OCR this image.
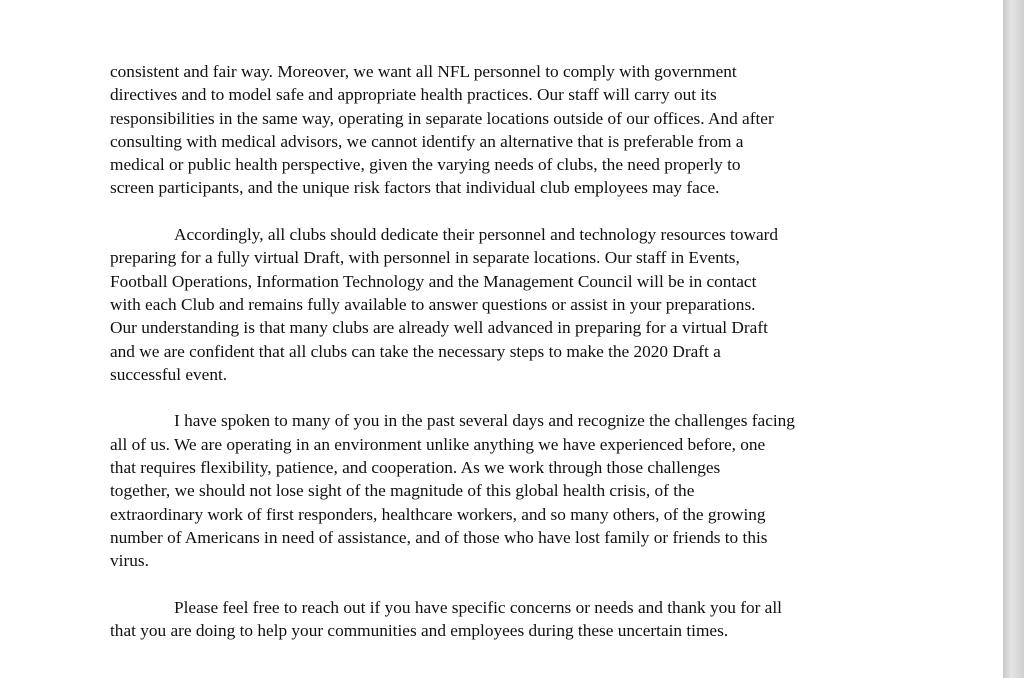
consistent and fair way. Moreover, we want all NFL personnel to comply with government
directives and to model safe and appropriate health practices. Our staff will carry out its
responsibilities in the same way, operating in separate locations outside of our offices. And after
consulting with medical advisors, we cannot identify an alternative that is preferable from a
medical or public health perspective, given the varying needs of clubs, the need properly to
screen participants, and the unique risk factors that individual club employees may face.
Accordingly, all clubs should dedicate their personnel and technology resources toward
preparing for a fully virtual Draft, with personnel in separate locations. Our staff in Events,
Football Operations, Information Technology and the Management Council will be in contact
with each Club and remains fully available to answer questions or assist in your preparations.
Our understanding is that many clubs are already well advanced in preparing for a virtual Draft
and we are confident that all clubs can take the necessary steps to make the 2020 Draft a
successful event.
I have spoken to many of you in the past several days and recognize the challenges facing
all of us. We are operating in an environment unlike anything we have experienced before, one
that requires flexibility, patience, and cooperation. As we work through those challenges
together, we should not lose sight of the magnitude of this global health crisis, of the
extraordinary work of first responders, healthcare workers, and so many others, of the growing
number of Americans in need of assistance, and of those who have lost family or friends to this
virus.
Please feel free to reach out if you have specific concerns or needs and thank you for all
that you are doing to help your communities and employees during these uncertain times.
